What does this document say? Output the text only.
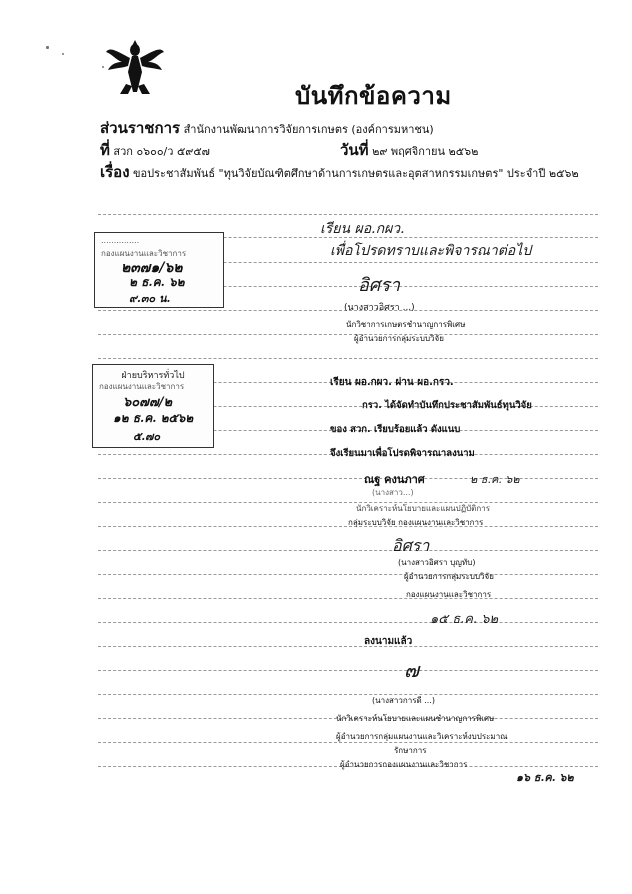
บันทึกข้อความ
ส่วนราชการ สำนักงานพัฒนาการวิจัยการเกษตร (องค์การมหาชน)
ที่ สวก ๐๖๐๐/ว ๕๙๕๗	วันที่ ๒๙ พฤศจิกายน ๒๕๖๒
เรื่อง ขอประชาสัมพันธ์ "ทุนวิจัยบัณฑิตศึกษาด้านการเกษตรและอุตสาหกรรมเกษตร" ประจำปี ๒๕๖๒
...............
กองแผนงานและวิชาการ
๒๓๗๑/๖๒
๒ ธ.ค. ๖๒
๙.๓๐ น.
ฝ่ายบริหารทั่วไป
กองแผนงานและวิชาการ
๖๐๗๗/๒
๑๒ ธ.ค. ๒๕๖๒
๕.๗๐
เรียน ผอ.กผว.
เพื่อโปรดทราบและพิจารณาต่อไป
อิศรา
(นางสาวอิศรา ...)
นักวิชาการเกษตรชำนาญการพิเศษ
ผู้อำนวยการกลุ่มระบบวิจัย
เรียน ผอ.กผว. ผ่าน ผอ.กรว.
กรว. ได้จัดทำบันทึกประชาสัมพันธ์ทุนวิจัย
ของ สวก. เรียบร้อยแล้ว ดังแนบ
จึงเรียนมาเพื่อโปรดพิจารณาลงนาม
ณฐ คงนภาศ	๒ ธ.ค. ๖๒
(นางสาว...)
นักวิเคราะห์นโยบายและแผนปฏิบัติการ
กลุ่มระบบวิจัย กองแผนงานและวิชาการ
อิศรา
(นางสาวอิศรา บุญทับ)
ผู้อำนวยการกลุ่มระบบวิจัย
กองแผนงานและวิชาการ
๑๕ ธ.ค. ๖๒
ลงนามแล้ว
๗
(นางสาวการดี ...)
นักวิเคราะห์นโยบายและแผนชำนาญการพิเศษ
ผู้อำนวยการกลุ่มแผนงานและวิเคราะห์งบประมาณ
รักษาการ
ผู้อำนวยการกองแผนงานและวิชาการ
๑๖ ธ.ค. ๖๒
